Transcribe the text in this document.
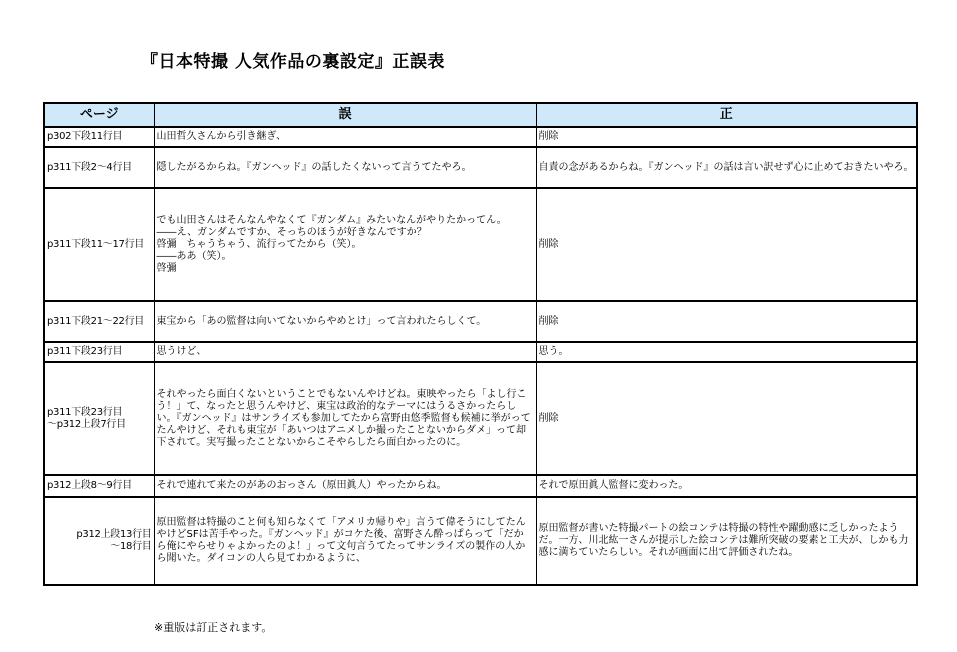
『日本特撮 人気作品の裏設定』正誤表
ページ	誤	正
p302下段11行目	山田哲久さんから引き継ぎ、	削除
p311下段2～4行目	隠したがるからね。『ガンヘッド』の話したくないって言うてたやろ。	自責の念があるからね。『ガンヘッド』の話は言い訳せず心に止めておきたいやろ。
p311下段11～17行目	でも山田さんはそんなんやなくて『ガンダム』みたいなんがやりたかってん。
――え、ガンダムですか、そっちのほうが好きなんですか？
啓彌　ちゃうちゃう、流行ってたから（笑）。
――ああ（笑）。
啓彌	削除
p311下段21～22行目	東宝から「あの監督は向いてないからやめとけ」って言われたらしくて。	削除
p311下段23行目	思うけど、	思う。
p311下段23行目
～p312上段7行目	それやったら面白くないということでもないんやけどね。東映やったら「よし行こう！」て、なったと思うんやけど、東宝は政治的なテーマにはうるさかったらしい。『ガンヘッド』はサンライズも参加してたから富野由悠季監督も候補に挙がってたんやけど、それも東宝が「あいつはアニメしか撮ったことないからダメ」って却下されて。実写撮ったことないからこそやらしたら面白かったのに。	削除
p312上段8～9行目	それで連れて来たのがあのおっさん（原田眞人）やったからね。	それで原田眞人監督に変わった。
p312上段13行目
～18行目	原田監督は特撮のこと何も知らなくて「アメリカ帰りや」言うて偉そうにしてたんやけどSFは苦手やった。『ガンヘッド』がコケた後、富野さん酔っぱらって「だから俺にやらせりゃよかったのよ！」って文句言うてたってサンライズの製作の人から聞いた。ダイコンの人ら見てわかるように、	原田監督が書いた特撮パートの絵コンテは特撮の特性や躍動感に乏しかったようだ。一方、川北紘一さんが提示した絵コンテは難所突破の要素と工夫が、しかも力感に満ちていたらしい。それが画面に出て評価されたね。
※重版は訂正されます。
